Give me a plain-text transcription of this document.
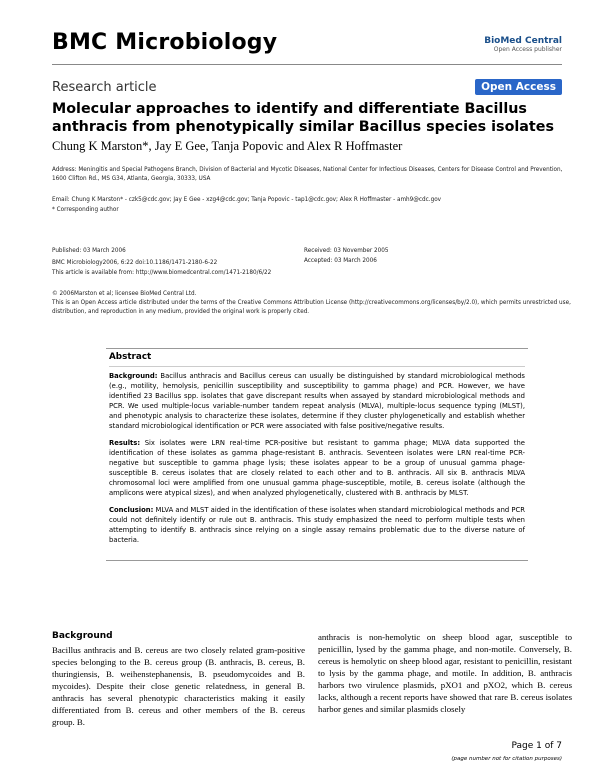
BMC Microbiology	BioMed Central
Open Access publisher
Research article	Open Access
Molecular approaches to identify and differentiate Bacillus anthracis from phenotypically similar Bacillus species isolates
Chung K Marston*, Jay E Gee, Tanja Popovic and Alex R Hoffmaster
Address: Meningitis and Special Pathogens Branch, Division of Bacterial and Mycotic Diseases, National Center for Infectious Diseases, Centers for Disease Control and Prevention, 1600 Clifton Rd., MS G34, Atlanta, Georgia, 30333, USA
Email: Chung K Marston* - czk5@cdc.gov; Jay E Gee - xzg4@cdc.gov; Tanja Popovic - tap1@cdc.gov; Alex R Hoffmaster - amh9@cdc.gov
* Corresponding author
Published: 03 March 2006
BMC Microbiology2006, 6:22 doi:10.1186/1471-2180-6-22
This article is available from: http://www.biomedcentral.com/1471-2180/6/22
Received: 03 November 2005
Accepted: 03 March 2006
© 2006Marston et al; licensee BioMed Central Ltd.
This is an Open Access article distributed under the terms of the Creative Commons Attribution License (http://creativecommons.org/licenses/by/2.0), which permits unrestricted use, distribution, and reproduction in any medium, provided the original work is properly cited.
Abstract

Background: Bacillus anthracis and Bacillus cereus can usually be distinguished by standard microbiological methods (e.g., motility, hemolysis, penicillin susceptibility and susceptibility to gamma phage) and PCR. However, we have identified 23 Bacillus spp. isolates that gave discrepant results when assayed by standard microbiological methods and PCR. We used multiple-locus variable-number tandem repeat analysis (MLVA), multiple-locus sequence typing (MLST), and phenotypic analysis to characterize these isolates, determine if they cluster phylogenetically and establish whether standard microbiological identification or PCR were associated with false positive/negative results.

Results: Six isolates were LRN real-time PCR-positive but resistant to gamma phage; MLVA data supported the identification of these isolates as gamma phage-resistant B. anthracis. Seventeen isolates were LRN real-time PCR-negative but susceptible to gamma phage lysis; these isolates appear to be a group of unusual gamma phage-susceptible B. cereus isolates that are closely related to each other and to B. anthracis. All six B. anthracis MLVA chromosomal loci were amplified from one unusual gamma phage-susceptible, motile, B. cereus isolate (although the amplicons were atypical sizes), and when analyzed phylogenetically, clustered with B. anthracis by MLST.

Conclusion: MLVA and MLST aided in the identification of these isolates when standard microbiological methods and PCR could not definitely identify or rule out B. anthracis. This study emphasized the need to perform multiple tests when attempting to identify B. anthracis since relying on a single assay remains problematic due to the diverse nature of bacteria.

Background
Bacillus anthracis and B. cereus are two closely related gram-positive species belonging to the B. cereus group (B. anthracis, B. cereus, B. thuringiensis, B. weihenstephanensis, B. pseudomycoides and B. mycoides). Despite their close genetic relatedness, in general B. anthracis has several phenotypic characteristics making it easily differentiated from B. cereus and other members of the B. cereus group. B.
anthracis is non-hemolytic on sheep blood agar, susceptible to penicillin, lysed by the gamma phage, and non-motile. Conversely, B. cereus is hemolytic on sheep blood agar, resistant to penicillin, resistant to lysis by the gamma phage, and motile. In addition, B. anthracis harbors two virulence plasmids, pXO1 and pXO2, which B. cereus lacks, although a recent reports have showed that rare B. cereus isolates harbor genes and similar plasmids closely
Page 1 of 7
(page number not for citation purposes)
